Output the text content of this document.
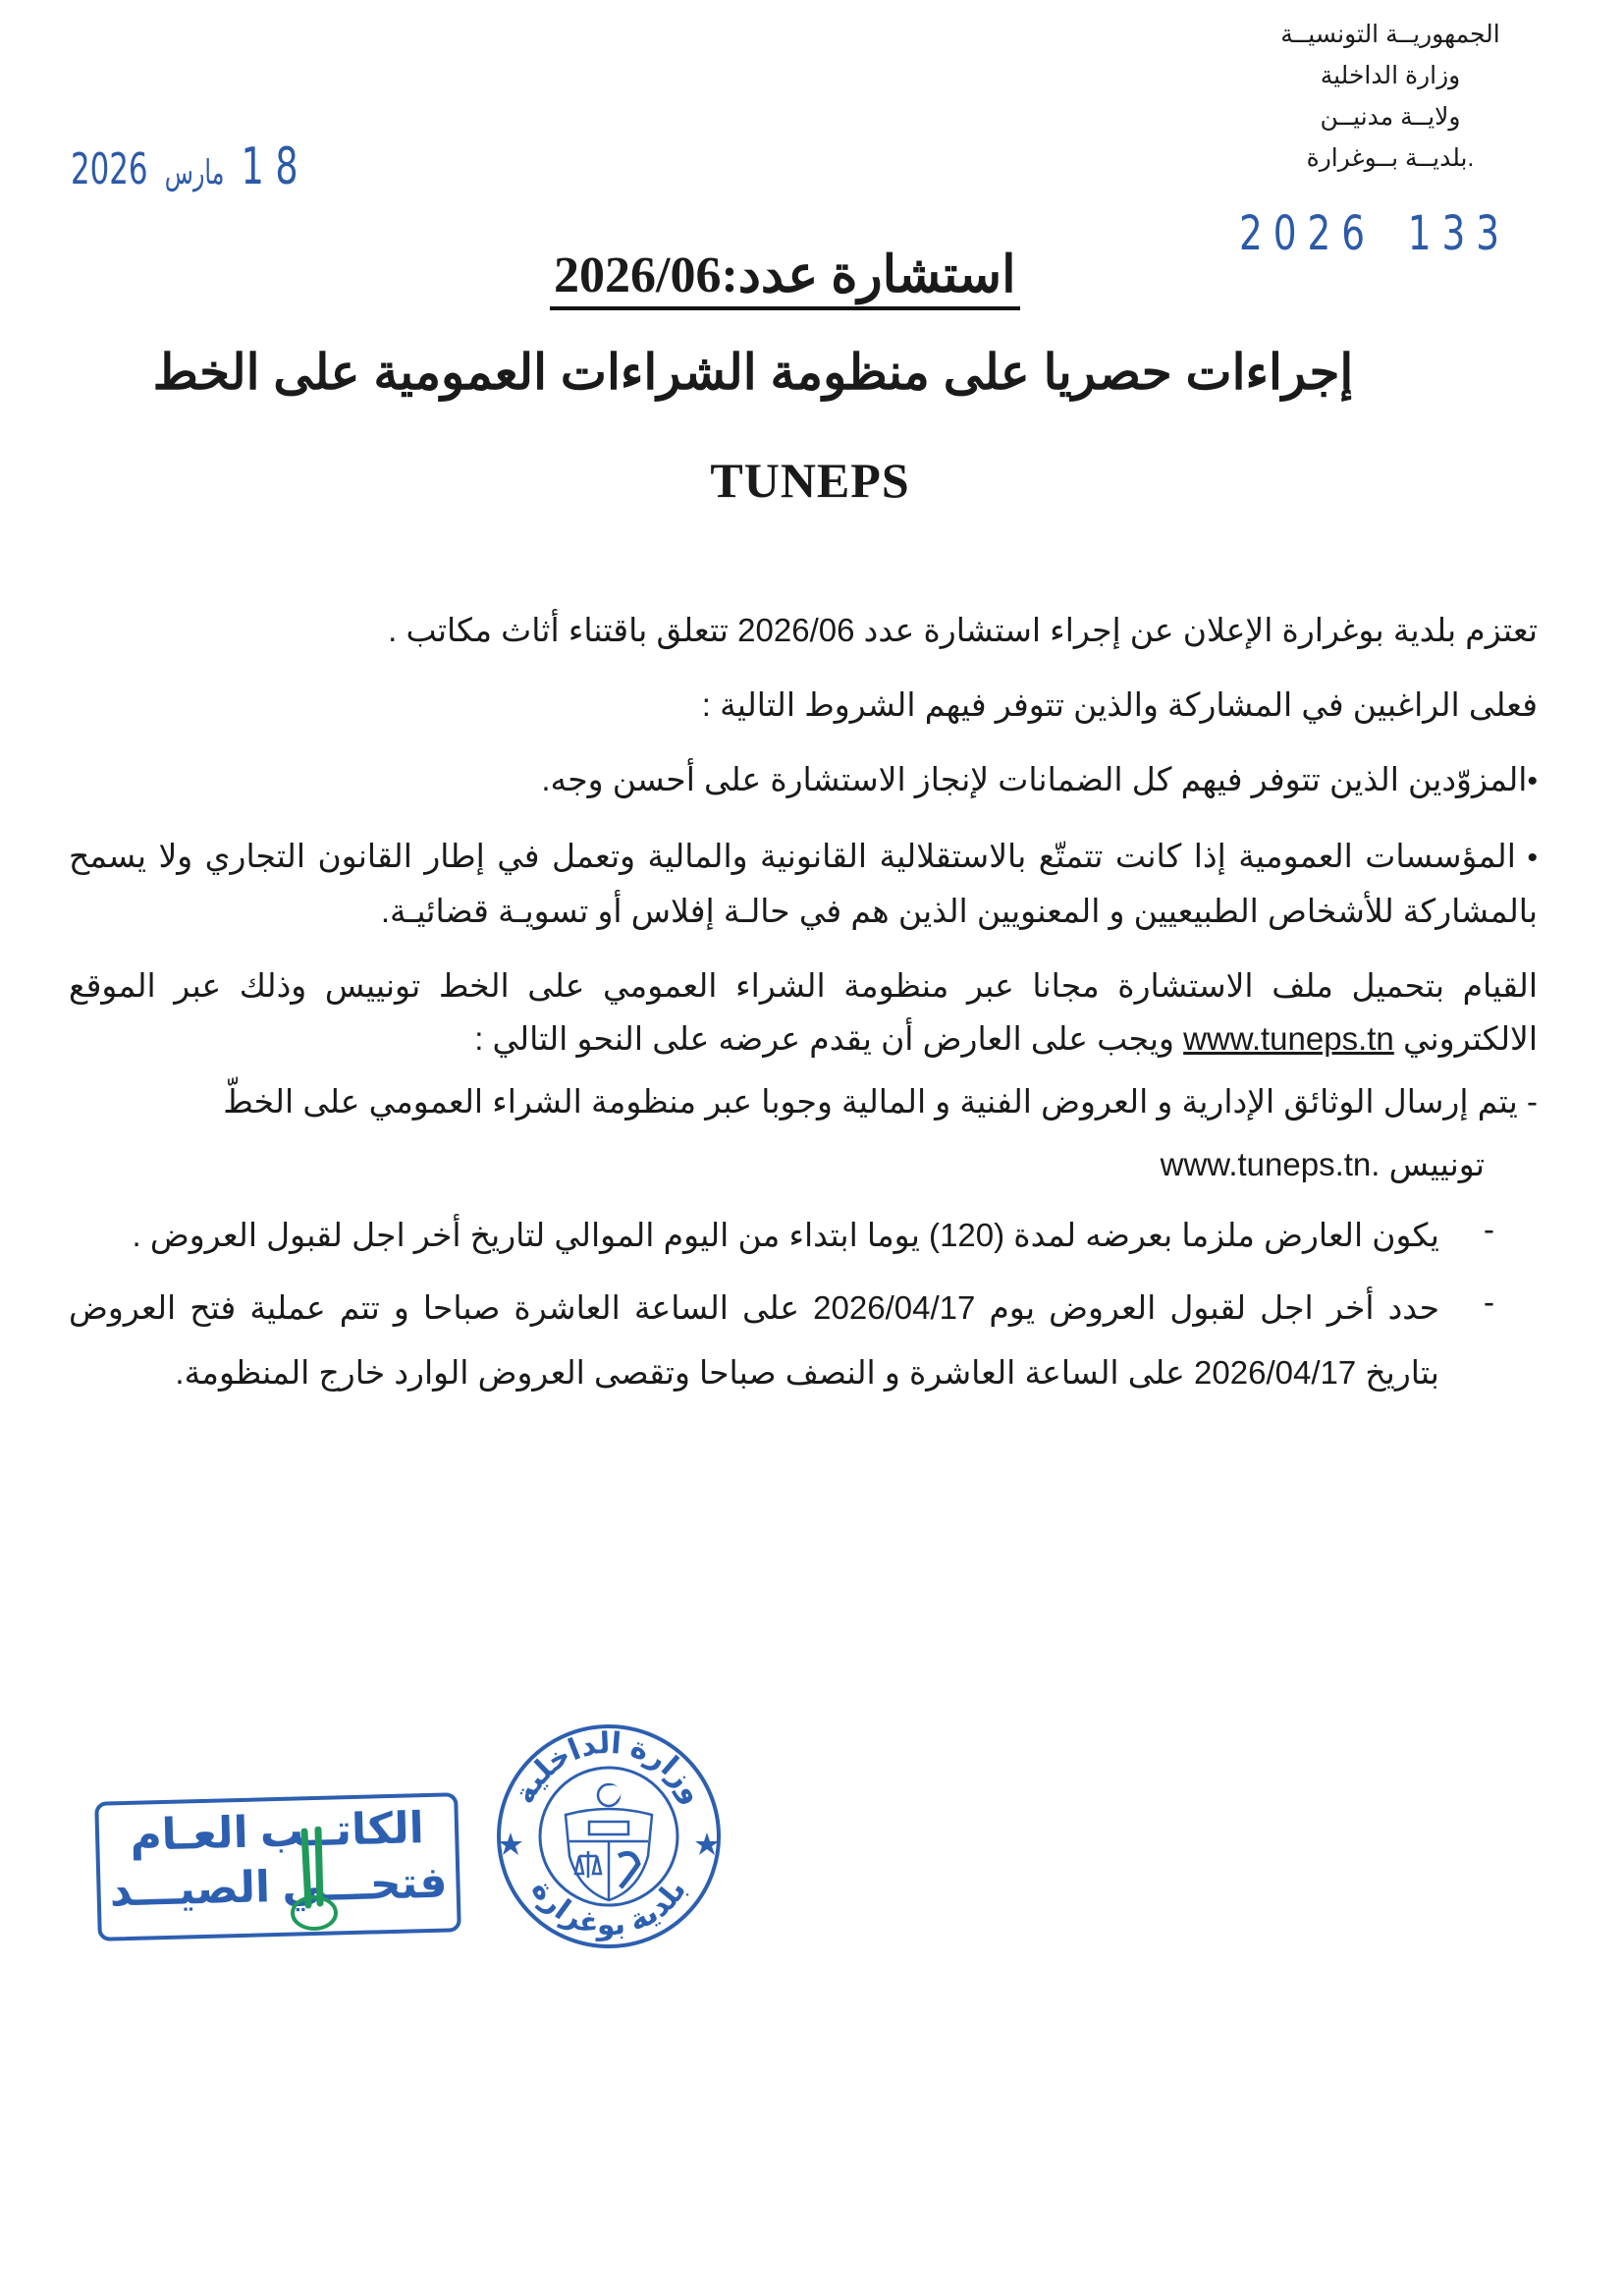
الجمهوريــة التونسيــة
وزارة الداخلية
ولايــة مدنيــن
.بلديــة بــوغرارة
2026 مارس 1 8
2026 133
استشارة عدد:2026/06
إجراءات حصريا على منظومة الشراءات العمومية على الخط
TUNEPS

تعتزم بلدية بوغرارة الإعلان عن إجراء استشارة عدد 2026/06 تتعلق باقتناء أثاث مكاتب .

فعلى الراغبين في المشاركة والذين تتوفر فيهم الشروط التالية :

•المزوّدين الذين تتوفر فيهم كل الضمانات لإنجاز الاستشارة على أحسن وجه.

• المؤسسات العمومية إذا كانت تتمتّع بالاستقلالية القانونية والمالية وتعمل في إطار القانون التجاري ولا يسمح بالمشاركة للأشخاص الطبيعيين و المعنويين الذين هم في حالـة إفلاس أو تسويـة قضائيـة.

القيام بتحميل ملف الاستشارة مجانا عبر منظومة الشراء العمومي على الخط تونييس وذلك عبر الموقع الالكتروني www.tuneps.tn ويجب على العارض أن يقدم عرضه على النحو التالي :

- يتم إرسال الوثائق الإدارية و العروض الفنية و المالية وجوبا عبر منظومة الشراء العمومي على الخطّ
تونييس www.tuneps.tn.
-
يكون العارض ملزما بعرضه لمدة (120) يوما ابتداء من اليوم الموالي لتاريخ أخر اجل لقبول العروض .
-
حدد أخر اجل لقبول العروض يوم 2026/04/17 على الساعة العاشرة صباحا و تتم عملية فتح العروض بتاريخ 2026/04/17 على الساعة العاشرة و النصف صباحا وتقصى العروض الوارد خارج المنظومة.
الكاتــب العـام
فتحـــي الصيـــد
وزارة الداخلية
بلدية بوغرارة
